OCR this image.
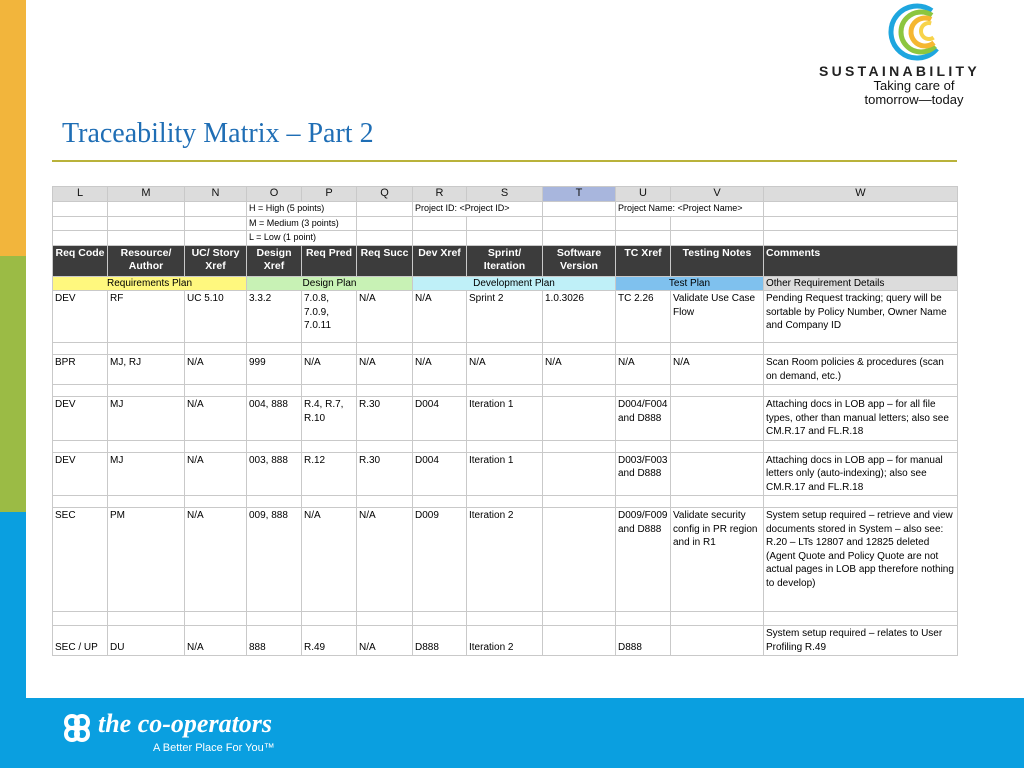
SUSTAINABILITY
Taking care of
tomorrow—today
Traceability Matrix – Part 2
L	M	N	O	P	Q	R	S	T	U	V	W
			H = High (5 points)			Project ID: <Project ID>			Project Name: <Project Name>		
			M = Medium (3 points)								
			L = Low (1 point)								
Req Code	Resource/ Author	UC/ Story Xref	Design Xref	Req Pred	Req Succ	Dev Xref	Sprint/ Iteration	Software Version	TC Xref	Testing Notes	Comments
Requirements Plan			Design Plan			Development Plan			Test Plan		Other Requirement Details
DEV	RF	UC 5.10	3.3.2	7.0.8, 7.0.9, 7.0.11	N/A	N/A	Sprint 2	1.0.3026	TC 2.26	Validate Use Case Flow	Pending Request tracking; query will be sortable by Policy Number, Owner Name and Company ID

BPR	MJ, RJ	N/A	999	N/A	N/A	N/A	N/A	N/A	N/A	N/A	Scan Room policies & procedures (scan on demand, etc.)

DEV	MJ	N/A	004, 888	R.4, R.7, R.10	R.30	D004	Iteration 1		D004/F004 and D888		Attaching docs in LOB app – for all file types, other than manual letters; also see CM.R.17 and FL.R.18

DEV	MJ	N/A	003, 888	R.12	R.30	D004	Iteration 1		D003/F003 and D888		Attaching docs in LOB app – for manual letters only (auto-indexing); also see CM.R.17 and FL.R.18

SEC	PM	N/A	009, 888	N/A	N/A	D009	Iteration 2		D009/F009 and D888	Validate security config in PR region and in R1	System setup required – retrieve and view documents stored in System – also see: R.20 – LTs 12807 and 12825 deleted (Agent Quote and Policy Quote are not actual pages in LOB app therefore nothing to develop)

SEC / UP	DU	N/A	888	R.49	N/A	D888	Iteration 2		D888		System setup required – relates to User Profiling R.49
the co-operators
A Better Place For You™
